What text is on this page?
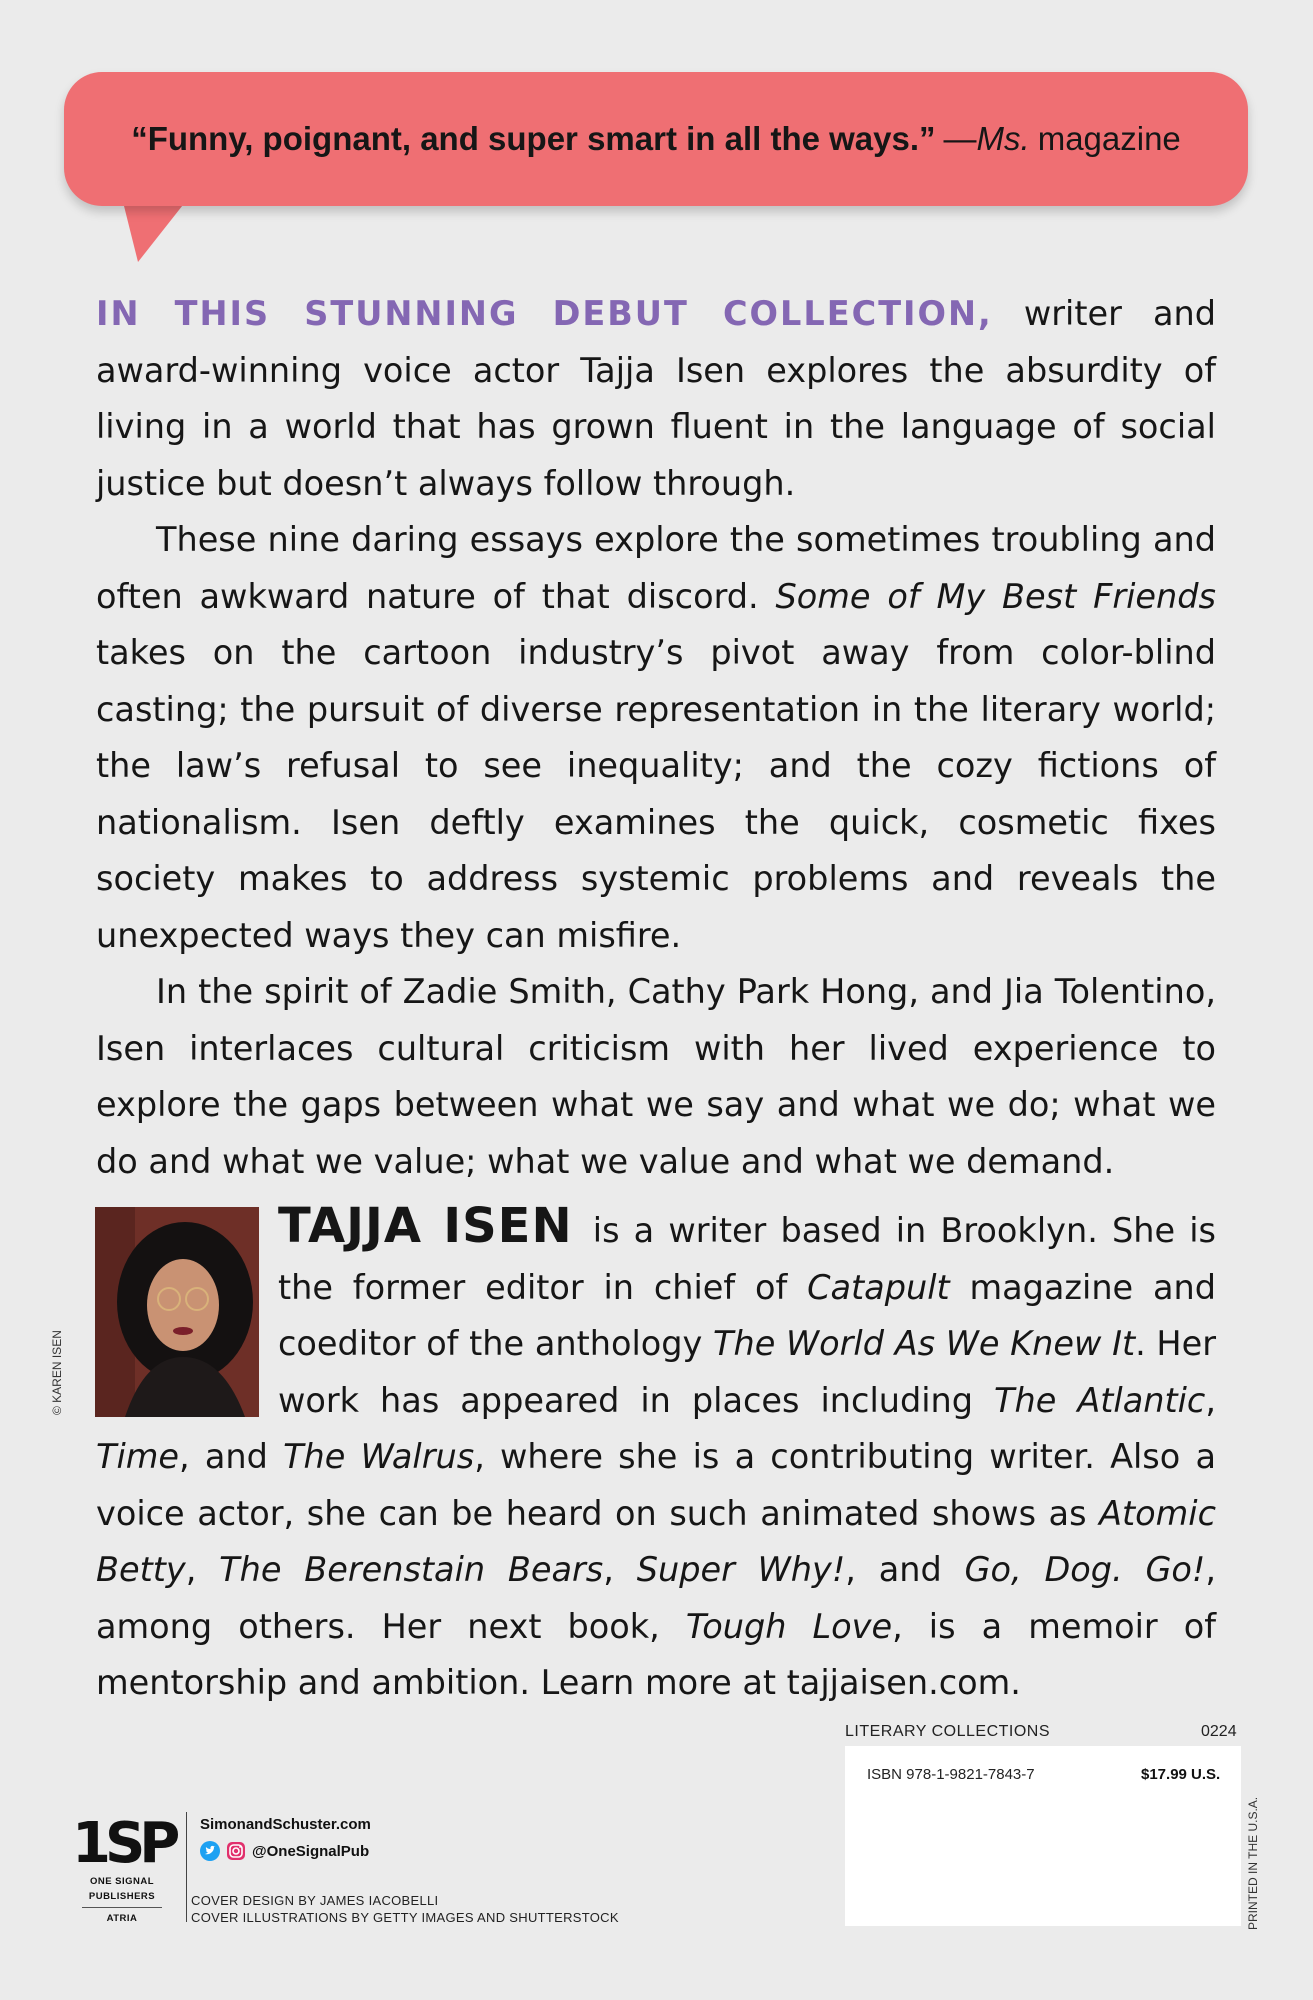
“Funny, poignant, and super smart in all the ways.” — Ms. magazine

IN THIS STUNNING DEBUT COLLECTION, writer and award-winning voice actor Tajja Isen explores the absurdity of living in a world that has grown fluent in the language of social justice but doesn’t always follow through.

These nine daring essays explore the sometimes troubling and often awkward nature of that discord. Some of My Best Friends takes on the cartoon industry’s pivot away from color-blind casting; the pursuit of diverse representation in the literary world; the law’s refusal to see inequality; and the cozy fictions of nationalism. Isen deftly examines the quick, cosmetic fixes society makes to address systemic problems and reveals the unexpected ways they can misfire.

In the spirit of Zadie Smith, Cathy Park Hong, and Jia Tolentino, Isen interlaces cultural criticism with her lived experience to explore the gaps between what we say and what we do; what we do and what we value; what we value and what we demand.

© KAREN ISEN

TAJJA ISEN is a writer based in Brooklyn. She is the former editor in chief of Catapult magazine and coeditor of the anthology The World As We Knew It. Her work has appeared in places including The Atlantic, Time, and The Walrus, where she is a contributing writer. Also a voice actor, she can be heard on such animated shows as Atomic Betty, The Berenstain Bears, Super Why!, and Go, Dog. Go!, among others. Her next book, Tough Love, is a memoir of mentorship and ambition. Learn more at tajjaisen.com.

LITERARY COLLECTIONS	0224
ISBN 978-1-9821-7843-7	$17.99 U.S.
PRINTED IN THE U.S.A.
1SP
ONE SIGNAL
PUBLISHERS
ATRIA
SimonandSchuster.com
@OneSignalPub
COVER DESIGN BY JAMES IACOBELLI
COVER ILLUSTRATIONS BY GETTY IMAGES AND SHUTTERSTOCK
